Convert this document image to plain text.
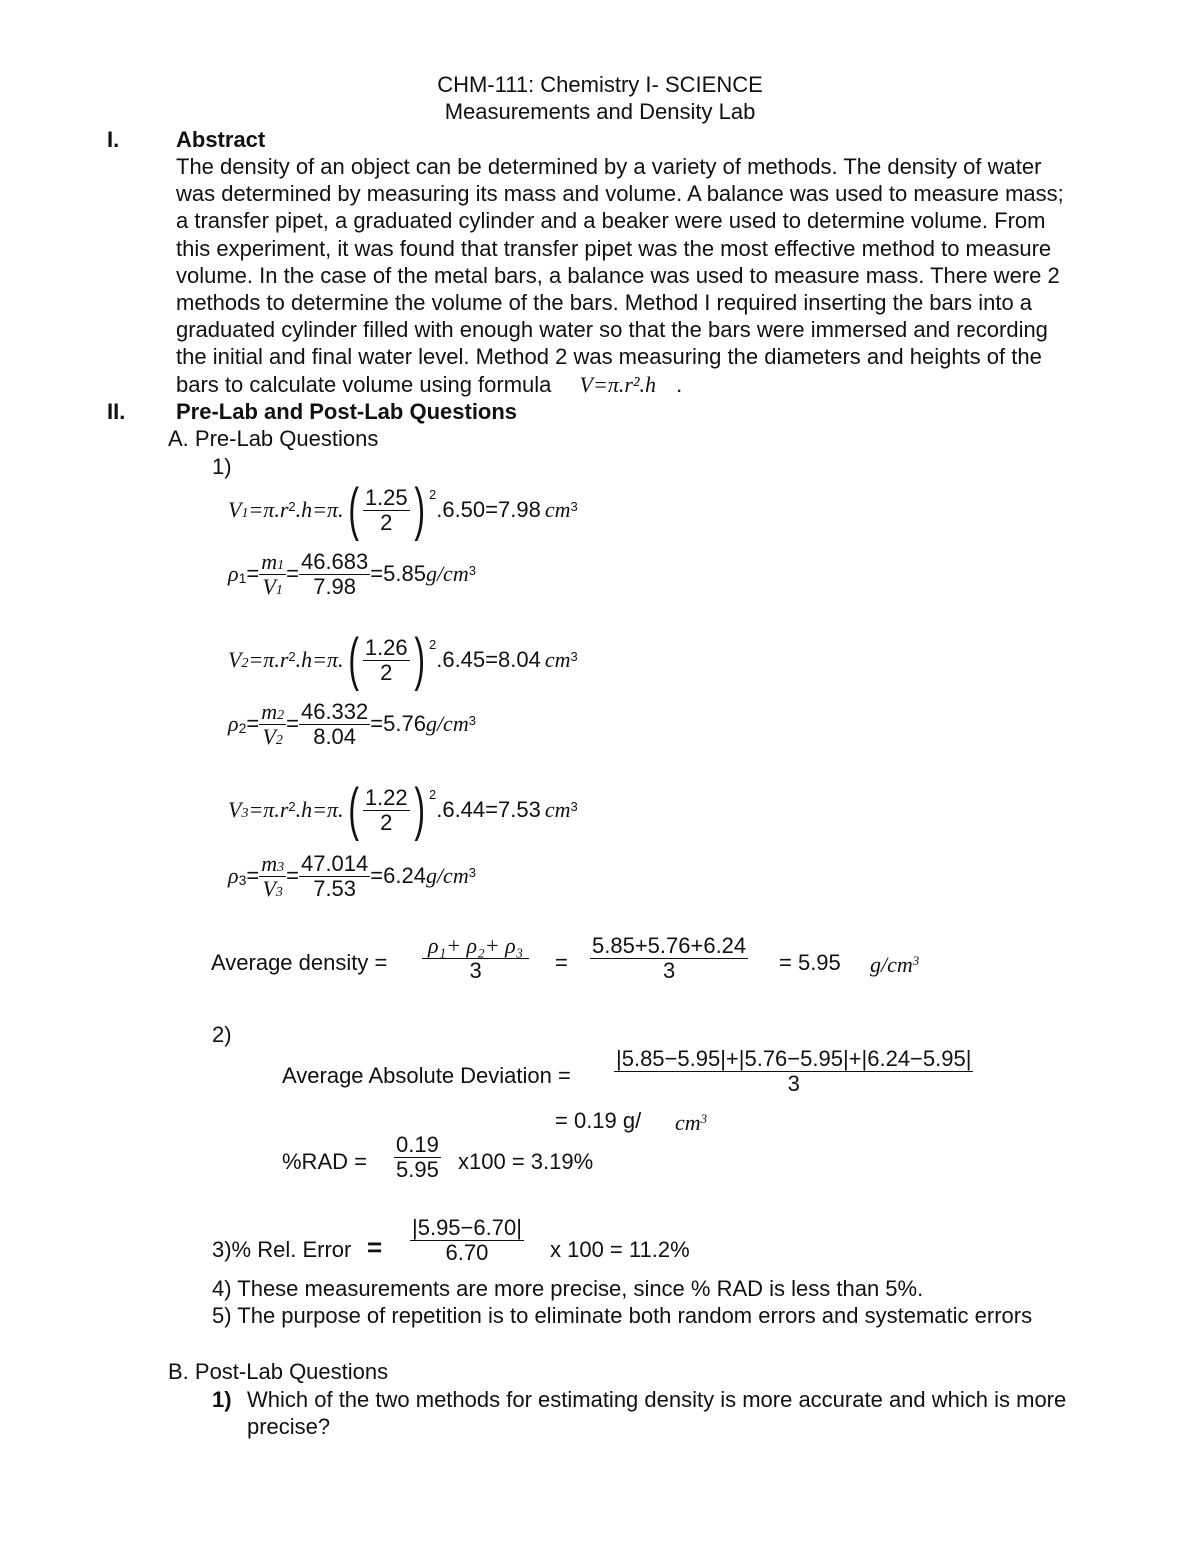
CHM-111: Chemistry I- SCIENCE
Measurements and Density Lab
I.	Abstract
The density of an object can be determined by a variety of methods. The density of water
was determined by measuring its mass and volume. A balance was used to measure mass;
a transfer pipet, a graduated cylinder and a beaker were used to determine volume. From
this experiment, it was found that transfer pipet was the most effective method to measure
volume. In the case of the metal bars, a balance was used to measure mass. There were 2
methods to determine the volume of the bars. Method I required inserting the bars into a
graduated cylinder filled with enough water so that the bars were immersed and recording
the initial and final water level. Method 2 was measuring the diameters and heights of the
bars to calculate volume using formula V=π.r².h .
II. Pre-Lab and Post-Lab Questions
A. Pre-Lab Questions
1)
$V_1 =\pi.r^2$ .h=π. ( $\frac{1.25}{2}$ ) $^2$
.6.50=7.98 $cm^3$
$\rho_1 = \frac{m_1}{V_1} = \frac{46.683}{7.98} =5.85$ $g/cm^3$
$V_2 =\pi.r^2$ .h=π. ( $\frac{1.26}{2}$ ) $^2$
.6.45=8.04 $cm^3$
$\rho_2 = \frac{m_2}{V_2} = \frac{46.332}{8.04} =5.76$ $g/cm^3$
$V_3 =\pi.r^2$ .h=π. ( $\frac{1.22}{2}$ ) $^2$
.6.44=7.53 $cm^3$
$\rho_3 = \frac{m_3}{V_3} = \frac{47.014}{7.53} =6.24$ $g/cm^3$
Average density = $\frac{\text{ρ₁+ ρ₂+ ρ₃}}{3} = \frac{5.85+5.76+6.24}{3} = 5.95$ $g/cm^3$
2)
Average Absolute Deviation = $\frac{|5.85-5.95|+|5.76-5.95|+|6.24-5.95|}{3}$
= 0.19 g/ $cm^3$
$\%RAD = \frac{0.19}{5.95} x100 = 3.19\%$
3)% Rel. Error = $\frac{|5.95-6.70|}{6.70}$ x 100 = 11.2%
4) These measurements are more precise, since % RAD is less than 5%.
5) The purpose of repetition is to eliminate both random errors and systematic errors
B. Post-Lab Questions
1) Which of the two methods for estimating density is more accurate and which is more
precise?
